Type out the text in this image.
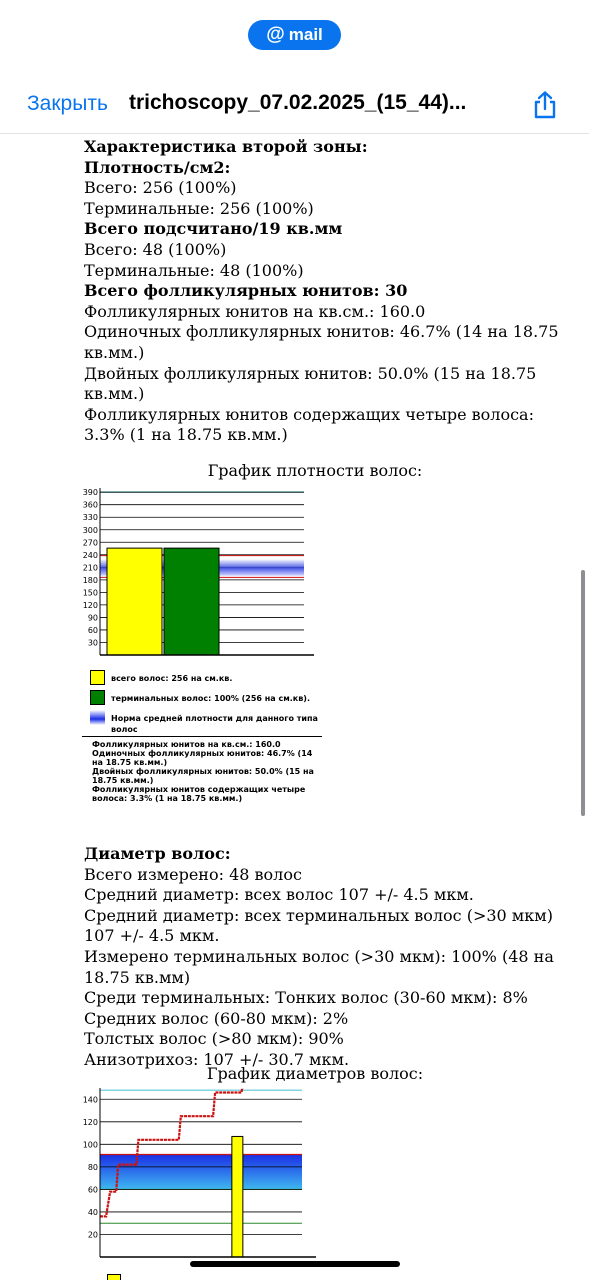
@ mail
Закрыть trichoscopy_07.02.2025_(15_44)...

Характеристика второй зоны:

Плотность/см2:

Всего: 256 (100%)

Терминальные: 256 (100%)

Всего подсчитано/19 кв.мм

Всего: 48 (100%)

Терминальные: 48 (100%)

Всего фолликулярных юнитов: 30

Фолликулярных юнитов на кв.см.: 160.0

Одиночных фолликулярных юнитов: 46.7% (14 на 18.75 кв.мм.)

Двойных фолликулярных юнитов: 50.0% (15 на 18.75 кв.мм.)

Фолликулярных юнитов содержащих четыре волоса: 3.3% (1 на 18.75 кв.мм.)

График плотности волос:
30
60
90
120
150
180
210
240
270
300
330
360
390
всего волос: 256 на см.кв.
терминальных волос: 100% (256 на см.кв).
Норма средней плотности для данного типа волос

Фолликулярных юнитов на кв.см.: 160.0

Одиночных фолликулярных юнитов: 46.7% (14 на 18.75 кв.мм.)

Двойных фолликулярных юнитов: 50.0% (15 на 18.75 кв.мм.)

Фолликулярных юнитов содержащих четыре волоса: 3.3% (1 на 18.75 кв.мм.)

Диаметр волос:

Всего измерено: 48 волос

Средний диаметр: всех волос 107 +/- 4.5 мкм.

Средний диаметр: всех терминальных волос (>30 мкм) 107 +/- 4.5 мкм.

Измерено терминальных волос (>30 мкм): 100% (48 на 18.75 кв.мм)

Среди терминальных: Тонких волос (30-60 мкм): 8%

Средних волос (60-80 мкм): 2%

Толстых волос (>80 мкм): 90%

Анизотрихоз: 107 +/- 30.7 мкм.

График диаметров волос:
20
40
60
80
100
120
140
